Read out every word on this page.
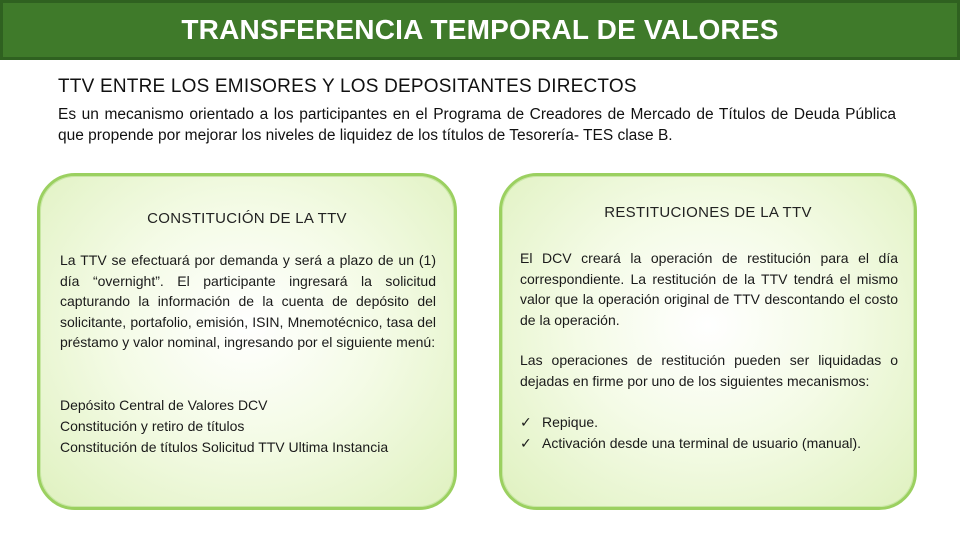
TRANSFERENCIA TEMPORAL DE VALORES
TTV ENTRE LOS EMISORES Y LOS DEPOSITANTES DIRECTOS
Es un mecanismo orientado a los participantes en el Programa de Creadores de Mercado de Títulos de Deuda Pública que propende por mejorar los niveles de liquidez de los títulos de Tesorería- TES clase B.
CONSTITUCIÓN DE LA TTV
La TTV se efectuará por demanda y será a plazo de un (1) día “overnight”. El participante ingresará la solicitud capturando la información de la cuenta de depósito del solicitante, portafolio, emisión, ISIN, Mnemotécnico, tasa del préstamo y valor nominal, ingresando por el siguiente menú:
Depósito Central de Valores DCV
Constitución y retiro de títulos
Constitución de títulos Solicitud TTV Ultima Instancia
RESTITUCIONES DE LA TTV
El DCV creará la operación de restitución para el día correspondiente. La restitución de la TTV tendrá el mismo valor que la operación original de TTV descontando el costo de la operación.
Las operaciones de restitución pueden ser liquidadas o dejadas en firme por uno de los siguientes mecanismos:
✓ Repique.
✓ Activación desde una terminal de usuario (manual).
